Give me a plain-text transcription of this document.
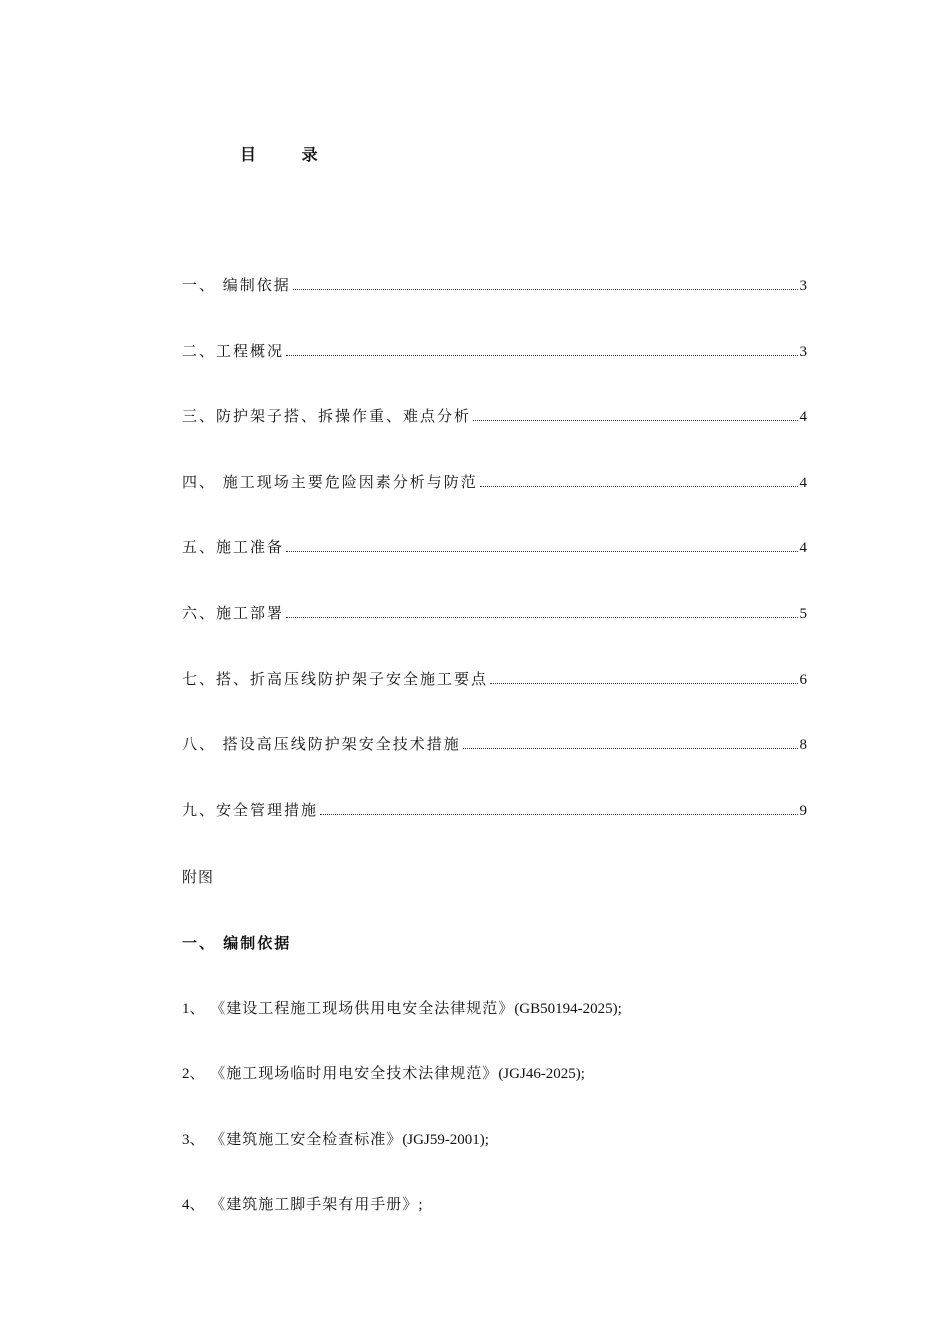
目 录
一、 编制依据	3
二、工程概况	3
三、防护架子搭、拆操作重、难点分析	4
四、 施工现场主要危险因素分析与防范	4
五、施工准备	4
六、施工部署	5
七、搭、折高压线防护架子安全施工要点	6
八、 搭设高压线防护架安全技术措施	8
九、安全管理措施	9
附图
一、 编制依据
1、 《建设工程施工现场供用电安全法律规范》(GB50194-2025);
2、 《施工现场临时用电安全技术法律规范》(JGJ46-2025);
3、 《建筑施工安全检查标准》(JGJ59-2001);
4、 《建筑施工脚手架有用手册》;
